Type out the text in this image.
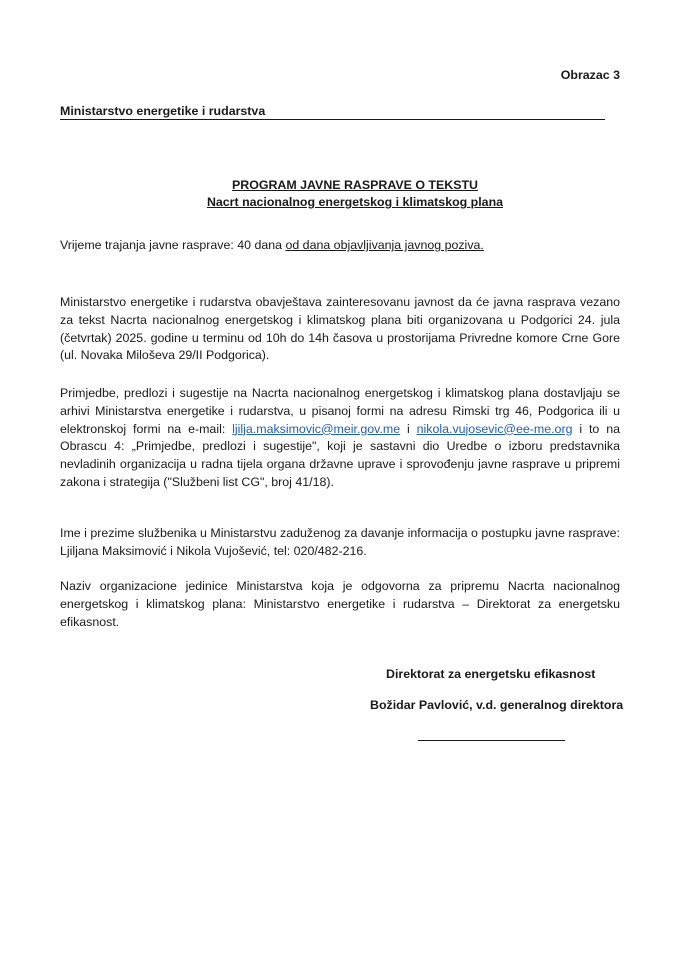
Obrazac 3
Ministarstvo energetike i rudarstva
PROGRAM JAVNE RASPRAVE O TEKSTU
Nacrt nacionalnog energetskog i klimatskog plana
Vrijeme trajanja javne rasprave: 40 dana od dana objavljivanja javnog poziva.
Ministarstvo energetike i rudarstva obavještava zainteresovanu javnost da će javna rasprava vezano za tekst Nacrta nacionalnog energetskog i klimatskog plana biti organizovana u Podgorici 24. jula (četvrtak) 2025. godine u terminu od 10h do 14h časova u prostorijama Privredne komore Crne Gore (ul. Novaka Miloševa 29/II Podgorica).
Primjedbe, predlozi i sugestije na Nacrta nacionalnog energetskog i klimatskog plana dostavljaju se arhivi Ministarstva energetike i rudarstva, u pisanoj formi na adresu Rimski trg 46, Podgorica ili u elektronskoj formi na e-mail: ljilja.maksimovic@meir.gov.me i nikola.vujosevic@ee-me.org i to na Obrascu 4: „Primjedbe, predlozi i sugestije", koji je sastavni dio Uredbe o izboru predstavnika nevladinih organizacija u radna tijela organa državne uprave i sprovođenju javne rasprave u pripremi zakona i strategija ("Službeni list CG", broj 41/18).
Ime i prezime službenika u Ministarstvu zaduženog za davanje informacija o postupku javne rasprave: Ljiljana Maksimović i Nikola Vujošević, tel: 020/482-216.
Naziv organizacione jedinice Ministarstva koja je odgovorna za pripremu Nacrta nacionalnog energetskog i klimatskog plana: Ministarstvo energetike i rudarstva – Direktorat za energetsku efikasnost.
Direktorat za energetsku efikasnost
Božidar Pavlović, v.d. generalnog direktora
